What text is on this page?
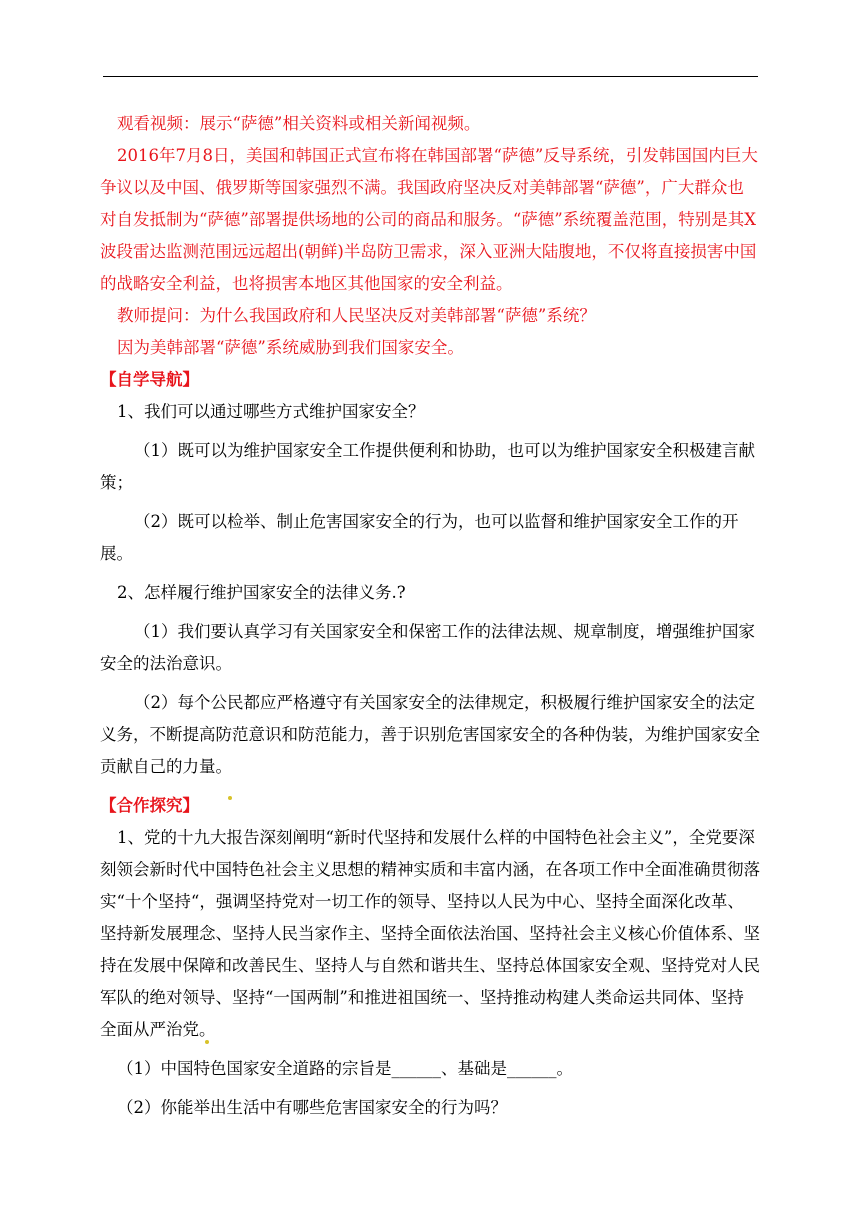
观看视频：展示“萨德”相关资料或相关新闻视频。

2016年7月8日，美国和韩国正式宣布将在韩国部署“萨德”反导系统，引发韩国国内巨大争议以及中国、俄罗斯等国家强烈不满。我国政府坚决反对美韩部署“萨德”，广大群众也对自发抵制为“萨德”部署提供场地的公司的商品和服务。“萨德”系统覆盖范围，特别是其X波段雷达监测范围远远超出(朝鲜)半岛防卫需求，深入亚洲大陆腹地，不仅将直接损害中国的战略安全利益，也将损害本地区其他国家的安全利益。

教师提问：为什么我国政府和人民坚决反对美韩部署“萨德”系统？

因为美韩部署“萨德”系统威胁到我们国家安全。

【自学导航】

1、我们可以通过哪些方式维护国家安全？

（1）既可以为维护国家安全工作提供便利和协助，也可以为维护国家安全积极建言献策；

（2）既可以检举、制止危害国家安全的行为，也可以监督和维护国家安全工作的开展。

2、怎样履行维护国家安全的法律义务.?

（1）我们要认真学习有关国家安全和保密工作的法律法规、规章制度，增强维护国家安全的法治意识。

（2）每个公民都应严格遵守有关国家安全的法律规定，积极履行维护国家安全的法定义务，不断提高防范意识和防范能力，善于识别危害国家安全的各种伪装，为维护国家安全贡献自己的力量。

【合作探究】

1、党的十九大报告深刻阐明“新时代坚持和发展什么样的中国特色社会主义”，全党要深刻领会新时代中国特色社会主义思想的精神实质和丰富内涵，在各项工作中全面准确贯彻落实“十个坚持“，强调坚持党对一切工作的领导、坚持以人民为中心、坚持全面深化改革、坚持新发展理念、坚持人民当家作主、坚持全面依法治国、坚持社会主义核心价值体系、坚持在发展中保障和改善民生、坚持人与自然和谐共生、坚持总体国家安全观、坚持党对人民军队的绝对领导、坚持“一国两制”和推进祖国统一、坚持推动构建人类命运共同体、坚持全面从严治党。

（1）中国特色国家安全道路的宗旨是______、基础是______。

（2）你能举出生活中有哪些危害国家安全的行为吗？
